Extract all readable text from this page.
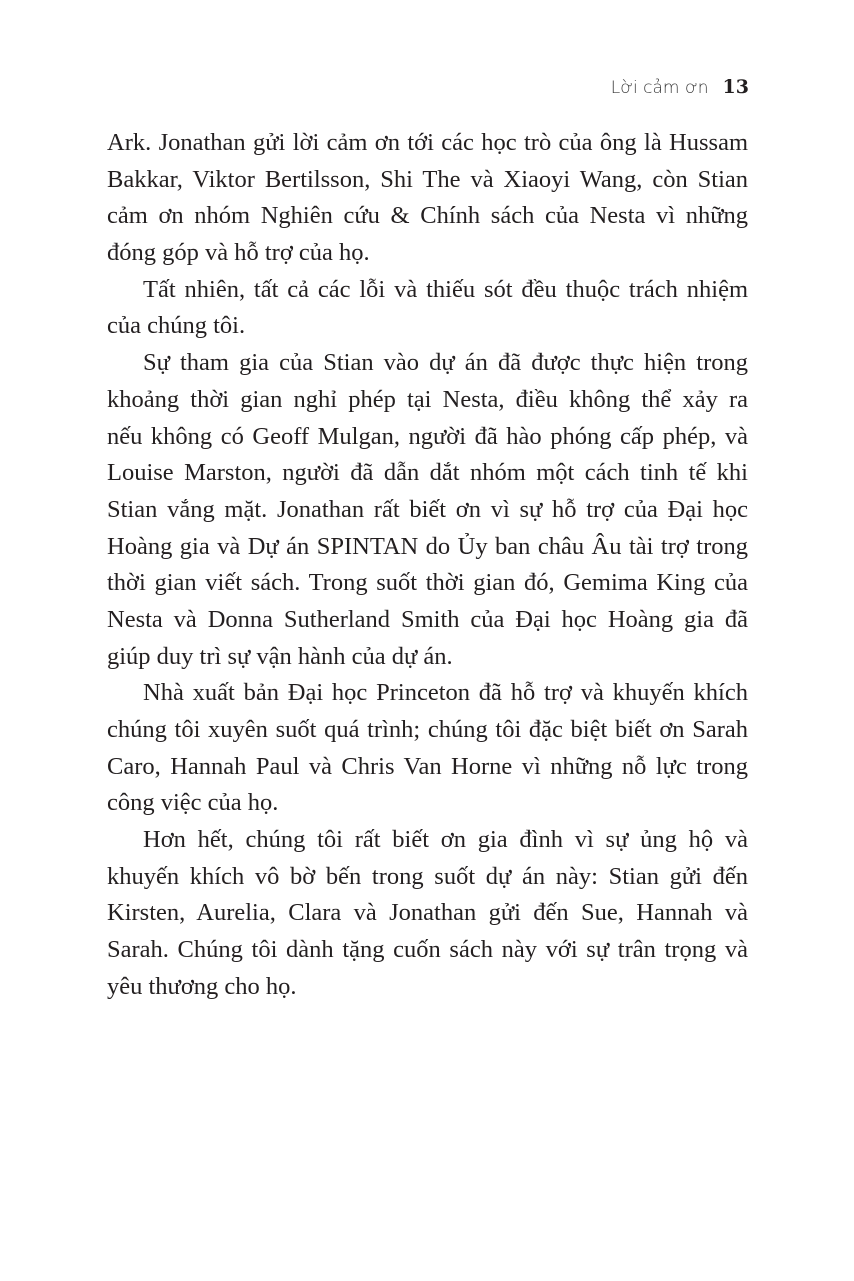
Lời cảm ơn 13
Ark. Jonathan gửi lời cảm ơn tới các học trò của ông là Hussam
Bakkar, Viktor Bertilsson, Shi The và Xiaoyi Wang, còn Stian
cảm ơn nhóm Nghiên cứu & Chính sách của Nesta vì những
đóng góp và hỗ trợ của họ.
Tất nhiên, tất cả các lỗi và thiếu sót đều thuộc trách nhiệm
của chúng tôi.
Sự tham gia của Stian vào dự án đã được thực hiện trong
khoảng thời gian nghỉ phép tại Nesta, điều không thể xảy ra
nếu không có Geoff Mulgan, người đã hào phóng cấp phép, và
Louise Marston, người đã dẫn dắt nhóm một cách tinh tế khi
Stian vắng mặt. Jonathan rất biết ơn vì sự hỗ trợ của Đại học
Hoàng gia và Dự án SPINTAN do Ủy ban châu Âu tài trợ trong
thời gian viết sách. Trong suốt thời gian đó, Gemima King của
Nesta và Donna Sutherland Smith của Đại học Hoàng gia đã
giúp duy trì sự vận hành của dự án.
Nhà xuất bản Đại học Princeton đã hỗ trợ và khuyến khích
chúng tôi xuyên suốt quá trình; chúng tôi đặc biệt biết ơn Sarah
Caro, Hannah Paul và Chris Van Horne vì những nỗ lực trong
công việc của họ.
Hơn hết, chúng tôi rất biết ơn gia đình vì sự ủng hộ và
khuyến khích vô bờ bến trong suốt dự án này: Stian gửi đến
Kirsten, Aurelia, Clara và Jonathan gửi đến Sue, Hannah và
Sarah. Chúng tôi dành tặng cuốn sách này với sự trân trọng và
yêu thương cho họ.
